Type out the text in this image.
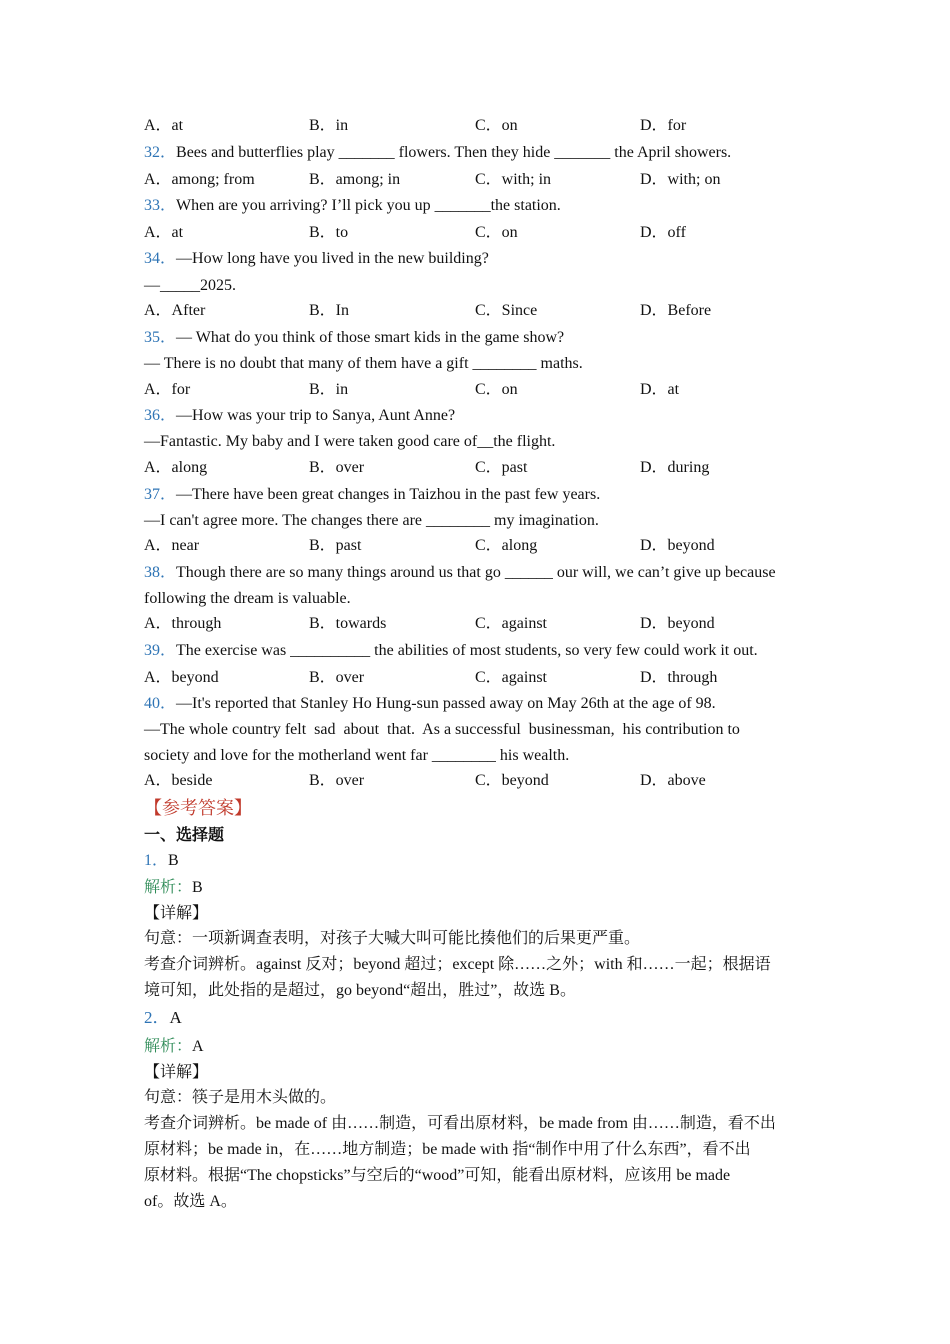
A．at	B．in	C．on	D．for
32．Bees and butterflies play _______ flowers. Then they hide _______ the April showers.
A．among; from	B．among; in	C．with; in	D．with; on
33．When are you arriving? I’ll pick you up _______the station.
A．at	B．to	C．on	D．off
34．—How long have you lived in the new building?
—_____2025.
A．After	B．In	C．Since	D．Before
35．— What do you think of those smart kids in the game show?
— There is no doubt that many of them have a gift ________ maths.
A．for	B．in	C．on	D．at
36．—How was your trip to Sanya, Aunt Anne?
—Fantastic. My baby and I were taken good care of__the flight.
A．along	B．over	C．past	D．during
37．—There have been great changes in Taizhou in the past few years.
—I can't agree more. The changes there are ________ my imagination.
A．near	B．past	C．along	D．beyond
38．Though there are so many things around us that go ______ our will, we can’t give up because
following the dream is valuable.
A．through	B．towards	C．against	D．beyond
39．The exercise was __________ the abilities of most students, so very few could work it out.
A．beyond	B．over	C．against	D．through
40．—It's reported that Stanley Ho Hung-sun passed away on May 26th at the age of 98.
—The whole country felt  sad  about  that.  As a successful  businessman,  his contribution to
society and love for the motherland went far ________ his wealth.
A．beside	B．over	C．beyond	D．above
【参考答案】
一、选择题
1．B
解析：B
【详解】
句意：一项新调查表明，对孩子大喊大叫可能比揍他们的后果更严重。
考查介词辨析。against 反对；beyond 超过；except 除……之外；with 和……一起；根据语
境可知，此处指的是超过，go beyond“超出，胜过”，故选 B。
2．A
解析：A
【详解】
句意：筷子是用木头做的。
考查介词辨析。be made of 由……制造，可看出原材料，be made from 由……制造，看不出
原材料；be made in，在……地方制造；be made with 指“制作中用了什么东西”，看不出
原材料。根据“The chopsticks”与空后的“wood”可知，能看出原材料，应该用 be made
of。故选 A。
